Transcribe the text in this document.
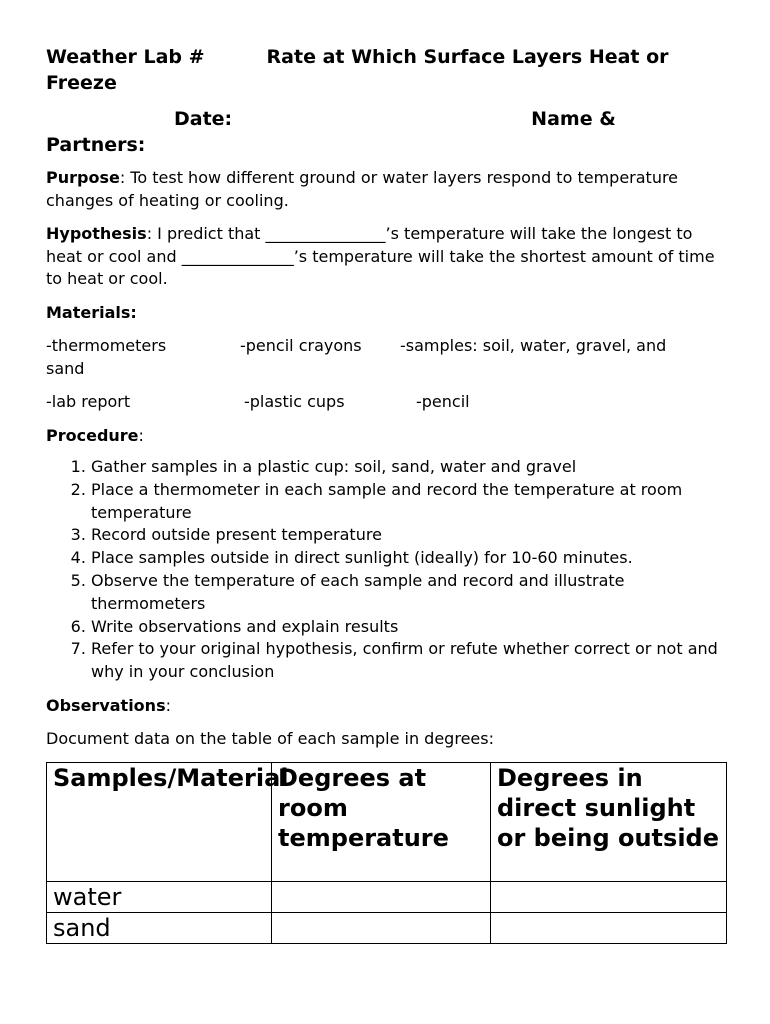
Weather Lab #	Rate at Which Surface Layers Heat or
Freeze
Date:	Name &
Partners:

Purpose: To test how different ground or water layers respond to temperature changes of heating or cooling.

Hypothesis: I predict that _______________’s temperature will take the longest to heat or cool and ______________’s temperature will take the shortest amount of time to heat or cool.

Materials:

-thermometers	-pencil crayons -samples: soil, water, gravel, and
sand

-lab report	-plastic cups	-pencil

Procedure:

1. Gather samples in a plastic cup: soil, sand, water and gravel
2. Place a thermometer in each sample and record the temperature at room temperature
3. Record outside present temperature
4. Place samples outside in direct sunlight (ideally) for 10-60 minutes.
5. Observe the temperature of each sample and record and illustrate thermometers
6. Write observations and explain results
7. Refer to your original hypothesis, confirm or refute whether correct or not and why in your conclusion

Observations:

Document data on the table of each sample in degrees:

Samples/Material	Degrees at room temperature	Degrees in direct sunlight or being outside
water		
sand		
